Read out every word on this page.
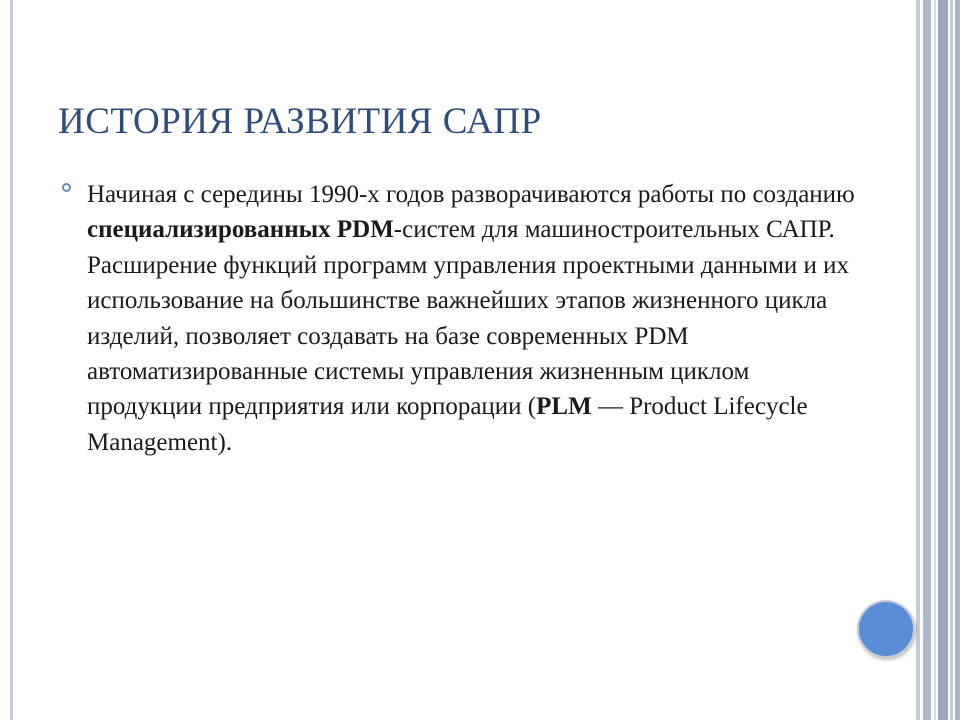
ИСТОРИЯ РАЗВИТИЯ САПР

Начиная с середины 1990-х годов разворачиваются работы по созданию специализированных PDM-систем для машиностроительных САПР. Расширение функций программ управления проектными данными и их использование на большинстве важнейших этапов жизненного цикла изделий, позволяет создавать на базе современных PDM автоматизированные системы управления жизненным циклом продукции предприятия или корпорации (PLM — Product Lifecycle Management).
